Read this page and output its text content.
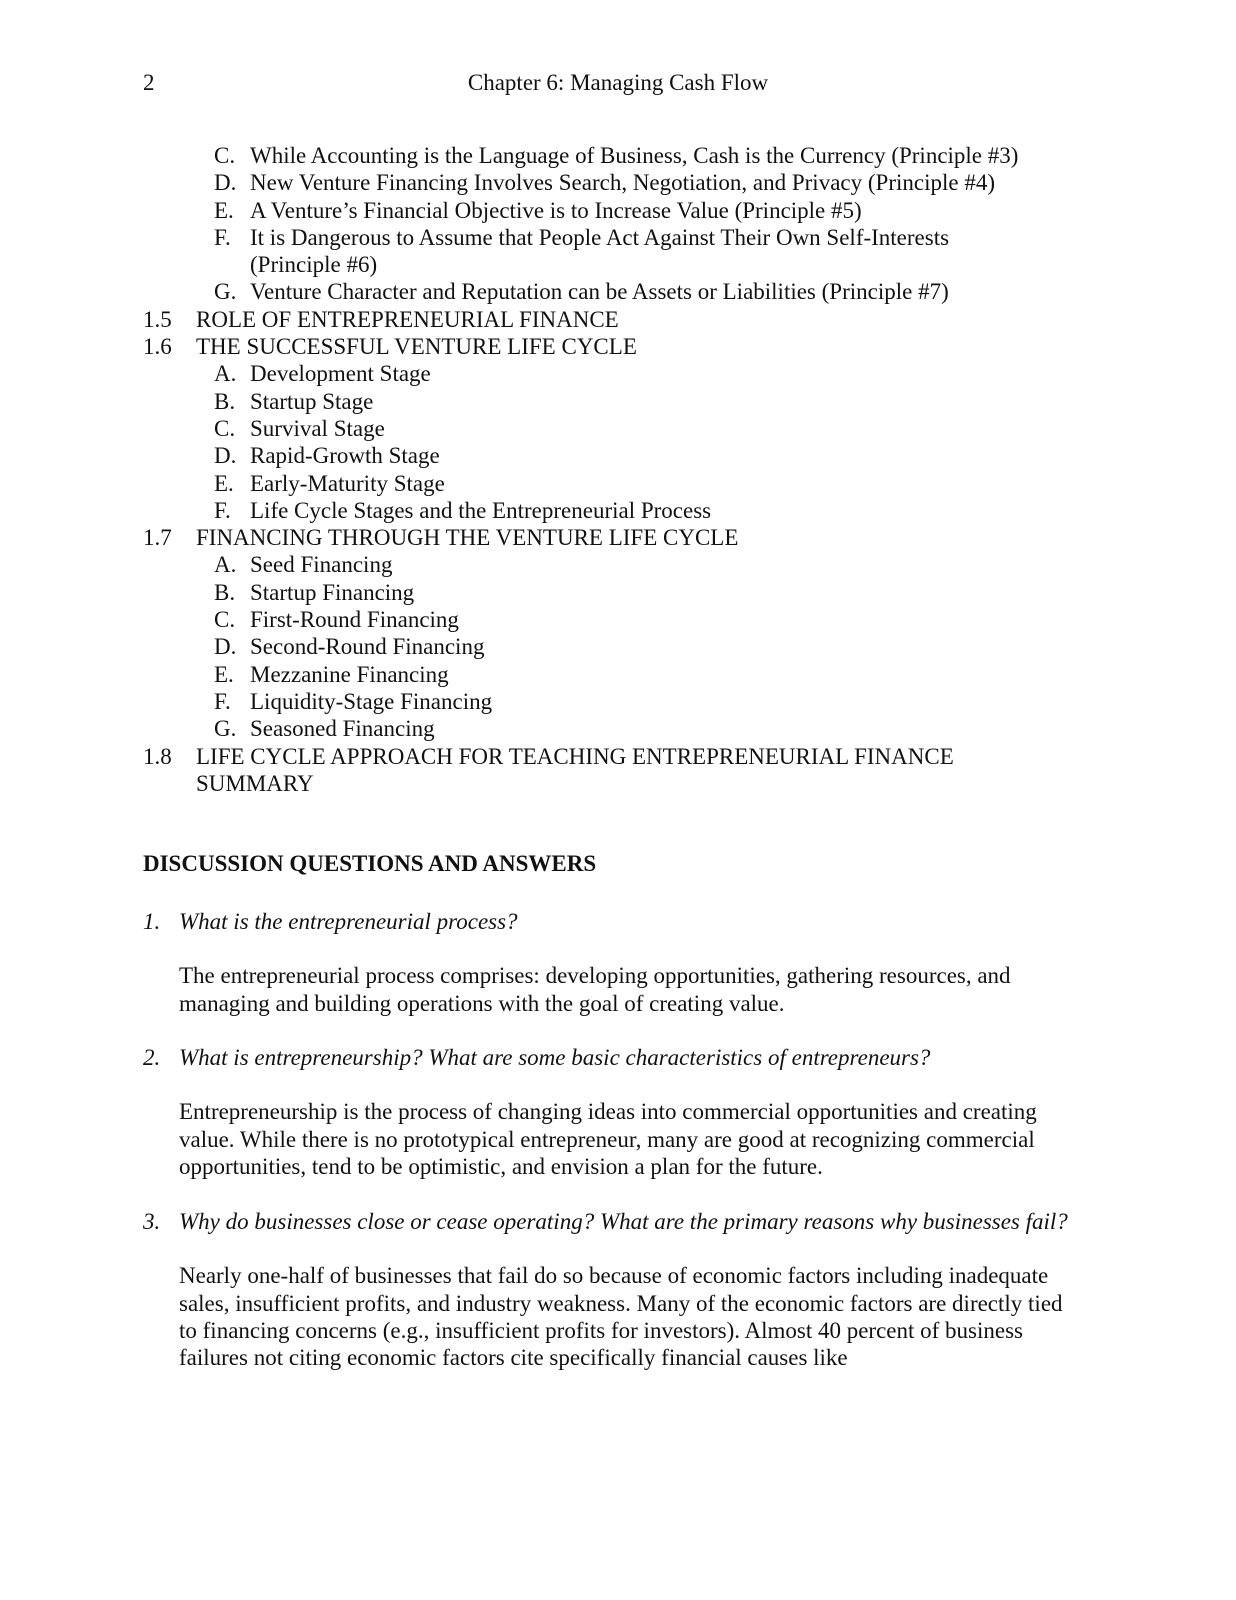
2	Chapter 6: Managing Cash Flow
C. While Accounting is the Language of Business, Cash is the Currency (Principle #3)
D. New Venture Financing Involves Search, Negotiation, and Privacy (Principle #4)
E. A Venture’s Financial Objective is to Increase Value (Principle #5)
F. It is Dangerous to Assume that People Act Against Their Own Self-Interests
(Principle #6)
G. Venture Character and Reputation can be Assets or Liabilities (Principle #7)
1.5 ROLE OF ENTREPRENEURIAL FINANCE
1.6 THE SUCCESSFUL VENTURE LIFE CYCLE
A. Development Stage
B. Startup Stage
C. Survival Stage
D. Rapid-Growth Stage
E. Early-Maturity Stage
F. Life Cycle Stages and the Entrepreneurial Process
1.7 FINANCING THROUGH THE VENTURE LIFE CYCLE
A. Seed Financing
B. Startup Financing
C. First-Round Financing
D. Second-Round Financing
E. Mezzanine Financing
F. Liquidity-Stage Financing
G. Seasoned Financing
1.8 LIFE CYCLE APPROACH FOR TEACHING ENTREPRENEURIAL FINANCE
SUMMARY
DISCUSSION QUESTIONS AND ANSWERS
1. What is the entrepreneurial process?
The entrepreneurial process comprises: developing opportunities, gathering resources, and managing and building operations with the goal of creating value.
2. What is entrepreneurship? What are some basic characteristics of entrepreneurs?
Entrepreneurship is the process of changing ideas into commercial opportunities and creating value. While there is no prototypical entrepreneur, many are good at recognizing commercial opportunities, tend to be optimistic, and envision a plan for the future.
3. Why do businesses close or cease operating? What are the primary reasons why businesses fail?
Nearly one-half of businesses that fail do so because of economic factors including inadequate sales, insufficient profits, and industry weakness. Many of the economic factors are directly tied to financing concerns (e.g., insufficient profits for investors). Almost 40 percent of business failures not citing economic factors cite specifically financial causes like
